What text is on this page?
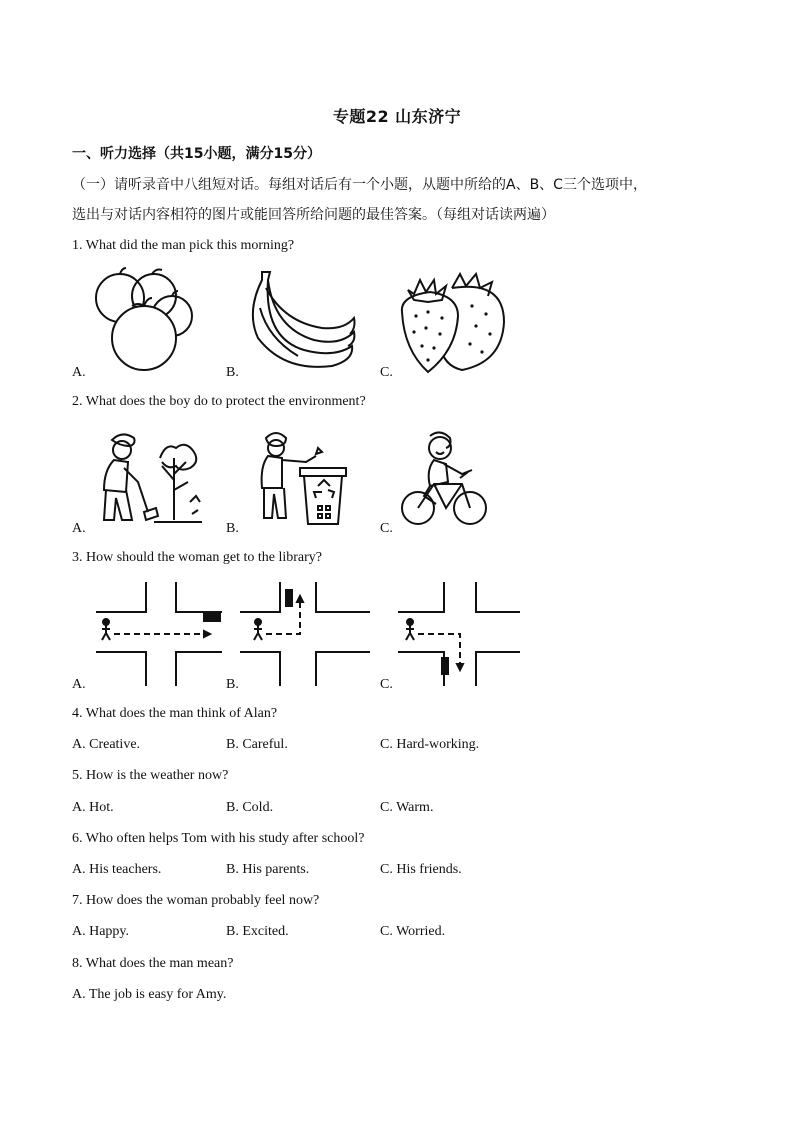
专题22 山东济宁
一、听力选择（共15小题，满分15分）
（一）请听录音中八组短对话。每组对话后有一个小题，从题中所给的A、B、C三个选项中，
选出与对话内容相符的图片或能回答所给问题的最佳答案。（每组对话读两遍）
1. What did the man pick this morning?
A.	B.	C.
2. What does the boy do to protect the environment?
A.	B.	C.
3. How should the woman get to the library?
A.	B.	C.
4. What does the man think of Alan?
A. Creative.	B. Careful.	C. Hard-working.
5. How is the weather now?
A. Hot.	B. Cold.	C. Warm.
6. Who often helps Tom with his study after school?
A. His teachers.	B. His parents.	C. His friends.
7. How does the woman probably feel now?
A. Happy.	B. Excited.	C. Worried.
8. What does the man mean?
A. The job is easy for Amy.
